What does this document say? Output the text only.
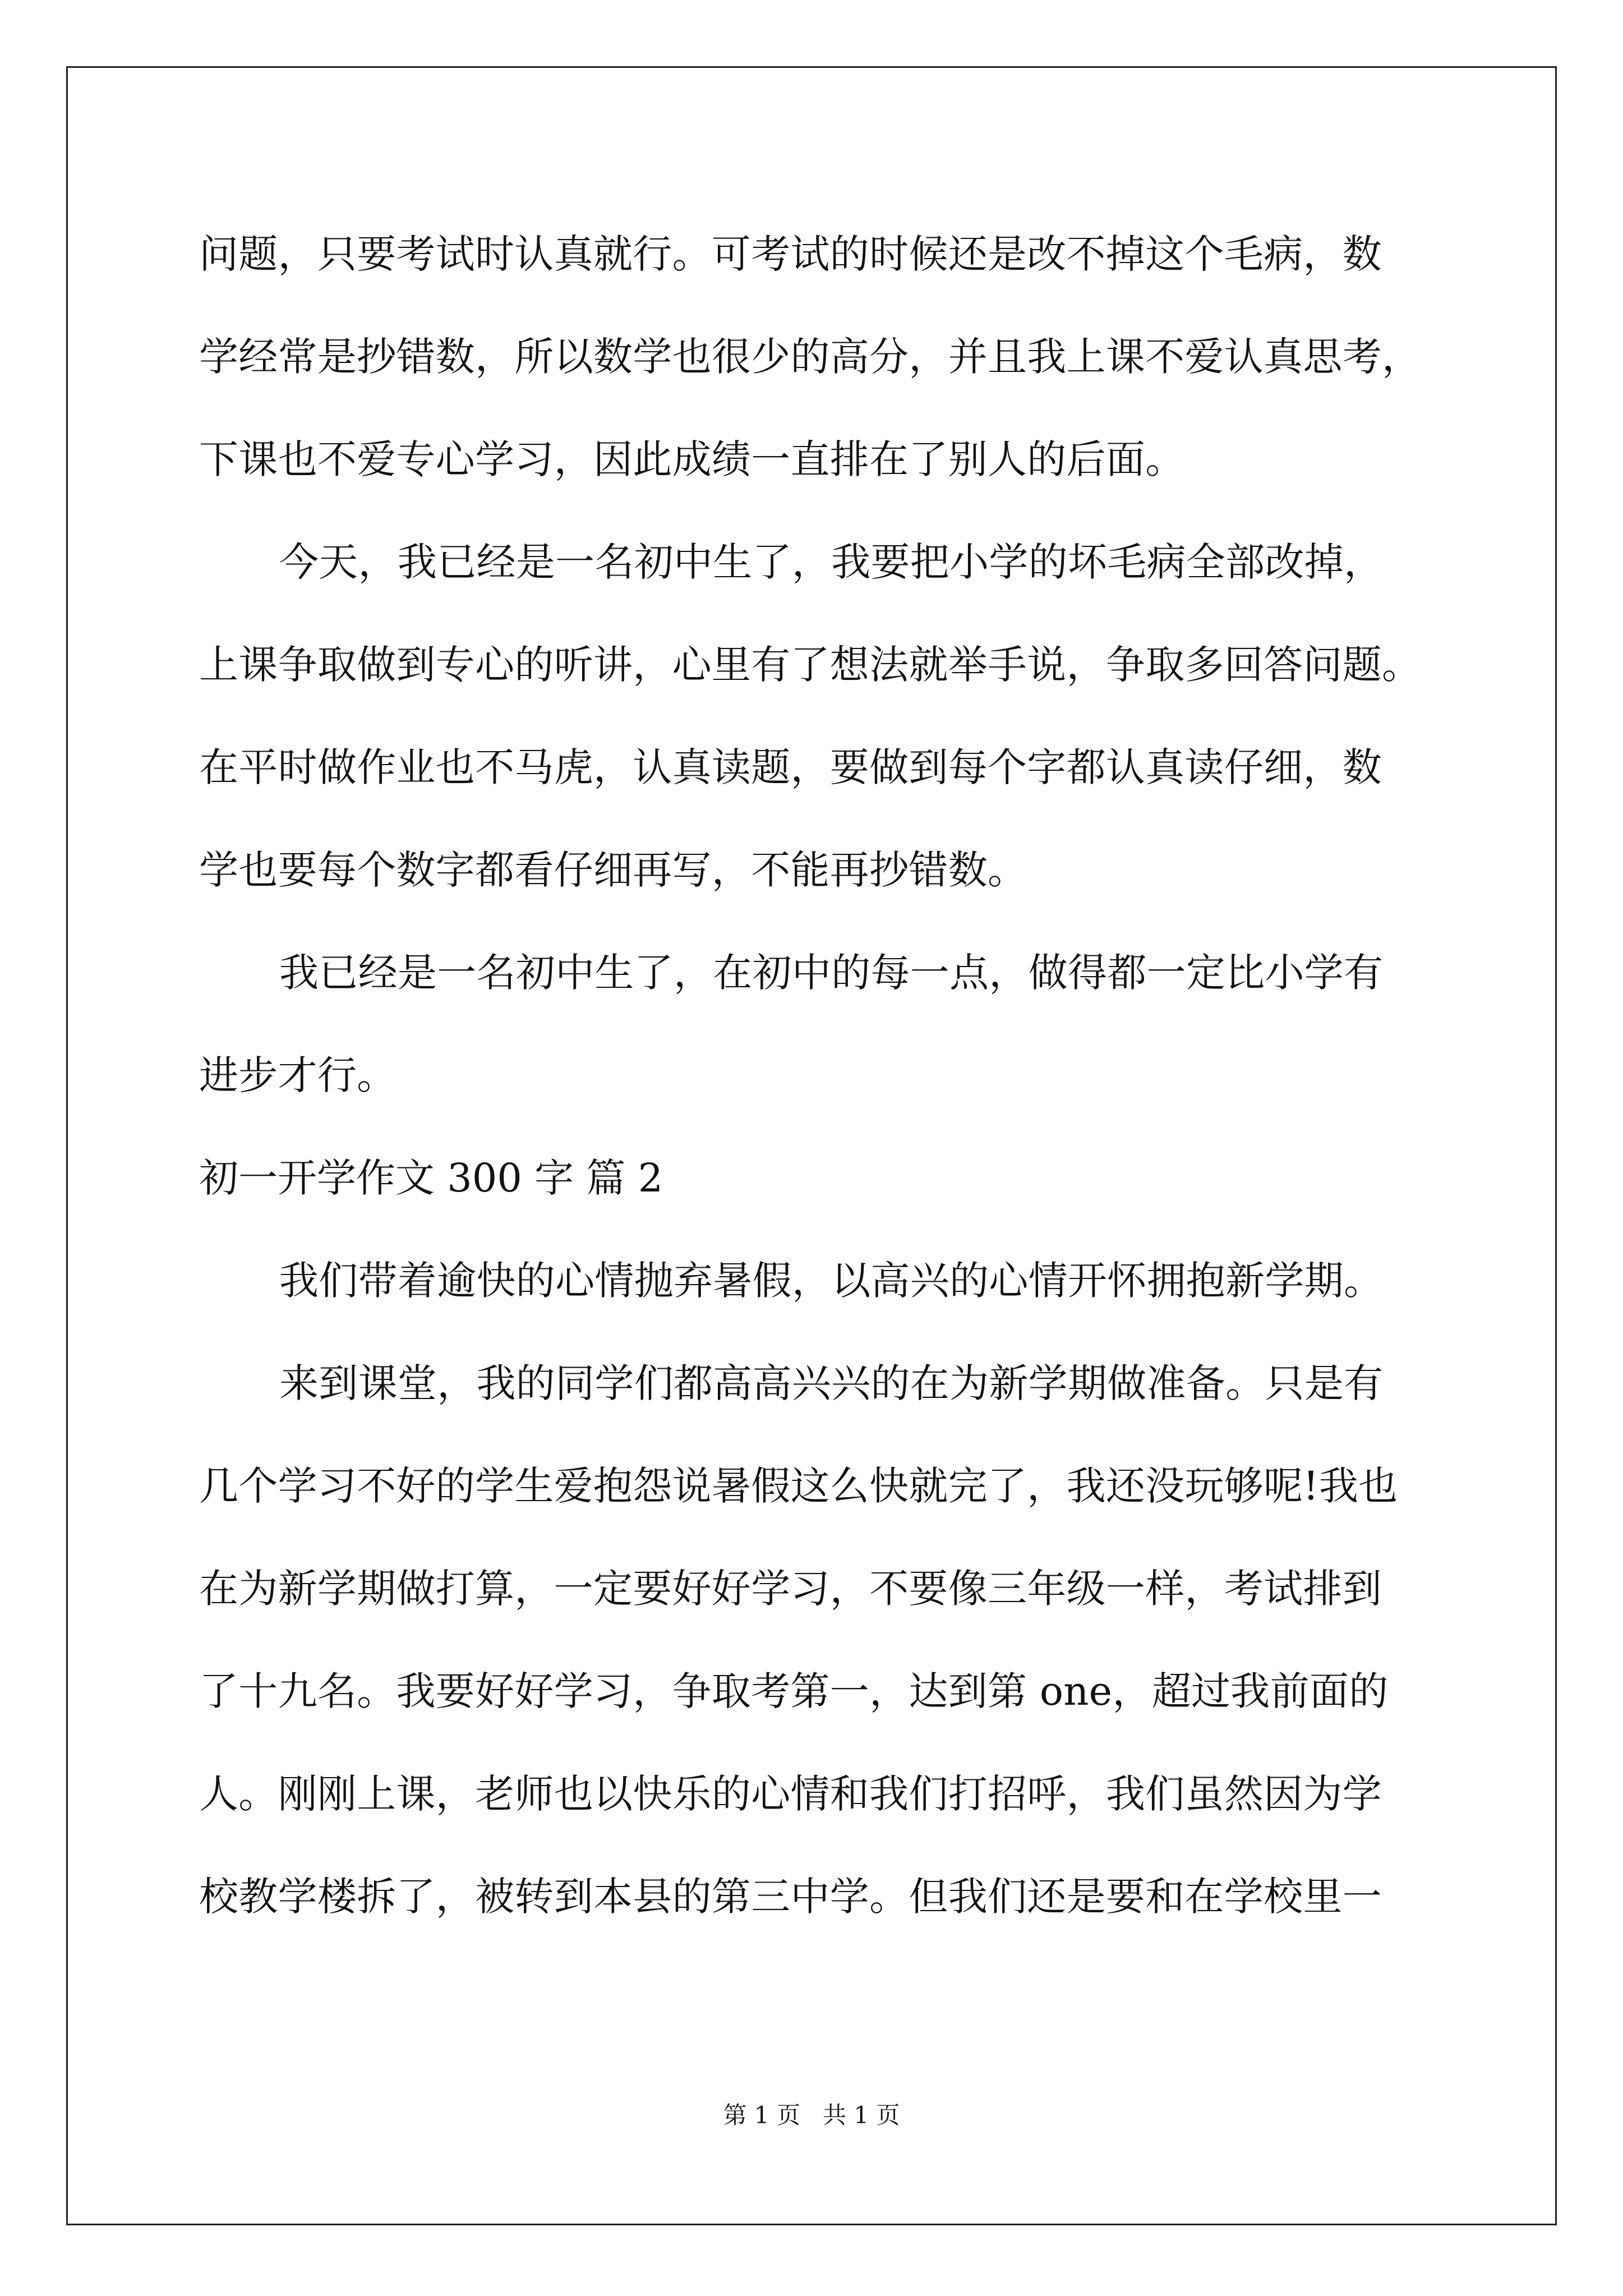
问题，只要考试时认真就行。可考试的时候还是改不掉这个毛病，数
学经常是抄错数，所以数学也很少的高分，并且我上课不爱认真思考，
下课也不爱专心学习，因此成绩一直排在了别人的后面。
今天，我已经是一名初中生了，我要把小学的坏毛病全部改掉，
上课争取做到专心的听讲，心里有了想法就举手说，争取多回答问题。
在平时做作业也不马虎，认真读题，要做到每个字都认真读仔细，数
学也要每个数字都看仔细再写，不能再抄错数。
我已经是一名初中生了，在初中的每一点，做得都一定比小学有
进步才行。
初一开学作文 300 字 篇 2
我们带着逾快的心情抛弃暑假，以高兴的心情开怀拥抱新学期。
来到课堂，我的同学们都高高兴兴的在为新学期做准备。只是有
几个学习不好的学生爱抱怨说暑假这么快就完了，我还没玩够呢!我也
在为新学期做打算，一定要好好学习，不要像三年级一样，考试排到
了十九名。我要好好学习，争取考第一，达到第 one，超过我前面的
人。刚刚上课，老师也以快乐的心情和我们打招呼，我们虽然因为学
校教学楼拆了，被转到本县的第三中学。但我们还是要和在学校里一
第 1 页 共 1 页
